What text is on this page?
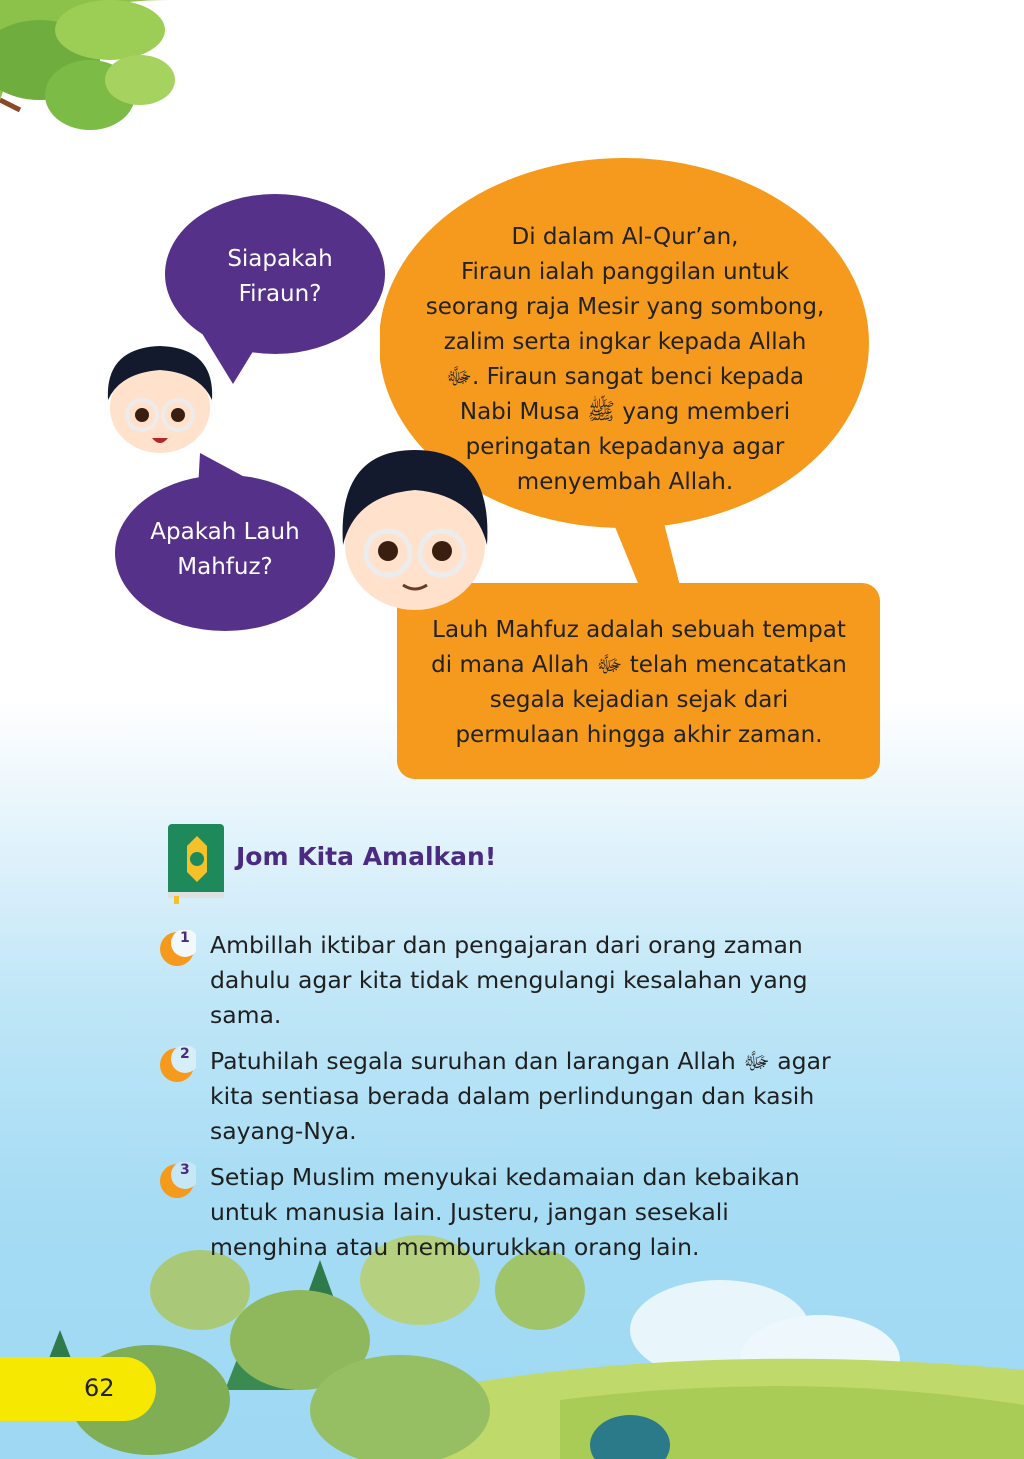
Siapakah
Firaun?
Apakah Lauh
Mahfuz?
Di dalam Al-Qur’an,
Firaun ialah panggilan untuk
seorang raja Mesir yang sombong,
zalim serta ingkar kepada Allah
ﷻ. Firaun sangat benci kepada
Nabi Musa ﷺ yang memberi
peringatan kepadanya agar
menyembah Allah.
Lauh Mahfuz adalah sebuah tempat
di mana Allah ﷻ telah mencatatkan
segala kejadian sejak dari
permulaan hingga akhir zaman.
Jom Kita Amalkan!
1 Ambillah iktibar dan pengajaran dari orang zaman
dahulu agar kita tidak mengulangi kesalahan yang
sama.
2 Patuhilah segala suruhan dan larangan Allah ﷻ agar
kita sentiasa berada dalam perlindungan dan kasih
sayang-Nya.
3 Setiap Muslim menyukai kedamaian dan kebaikan
untuk manusia lain. Justeru, jangan sesekali
menghina atau memburukkan orang lain.
62
